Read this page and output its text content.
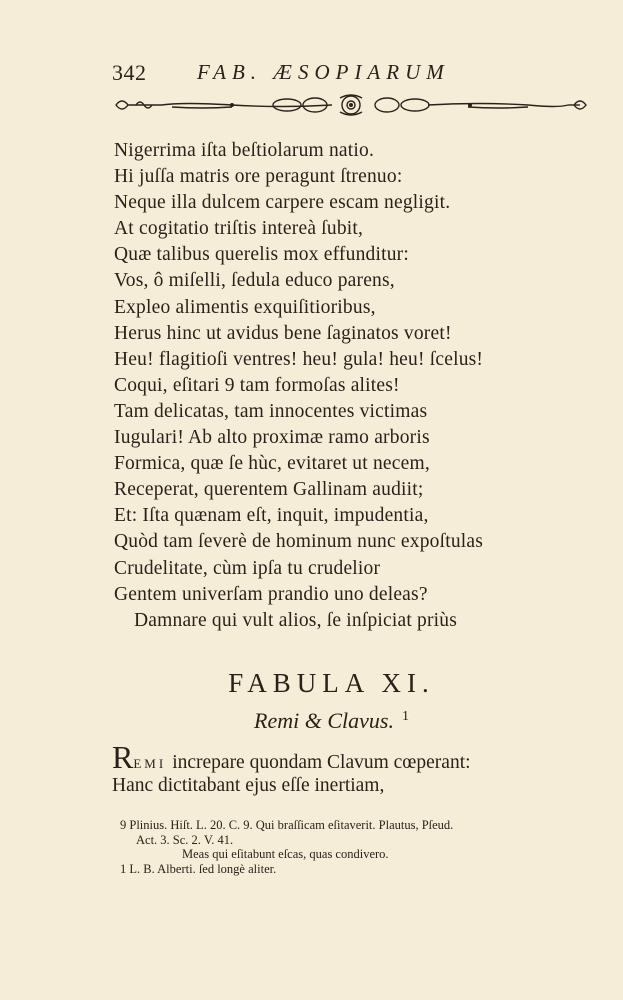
342 FAB. ÆSOPIARUM
Nigerrima iſta beſtiolarum natio.
Hi juſſa matris ore peragunt ſtrenuo:
Neque illa dulcem carpere escam negligit.
At cogitatio triſtis intereà ſubit,
Quæ talibus querelis mox effunditur:
Vos, ô miſelli, ſedula educo parens,
Expleo alimentis exquiſitioribus,
Herus hinc ut avidus bene ſaginatos voret!
Heu! flagitioſi ventres! heu! gula! heu! ſcelus!
Coqui, eſitari 9 tam formoſas alites!
Tam delicatas, tam innocentes victimas
Iugulari! Ab alto proximæ ramo arboris
Formica, quæ ſe hùc, evitaret ut necem,
Receperat, querentem Gallinam audiit;
Et: Iſta quænam eſt, inquit, impudentia,
Quòd tam ſeverè de hominum nunc expoſtulas
Crudelitate, cùm ipſa tu crudelior
Gentem univerſam prandio uno deleas?
Damnare qui vult alios, ſe inſpiciat priùs
FABULA XI.
Remi & Clavus. $^1$
REMI increpare quondam Clavum cœperant:
Hanc dictitabant ejus eſſe inertiam,
9 Plinius. Hiſt. L. 20. C. 9. Qui braſſicam eſitaverit. Plautus, Pſeud.
Act. 3. Sc. 2. V. 41.
Meas qui eſitabunt eſcas, quas condivero.
1 L. B. Alberti. ſed longè aliter.
